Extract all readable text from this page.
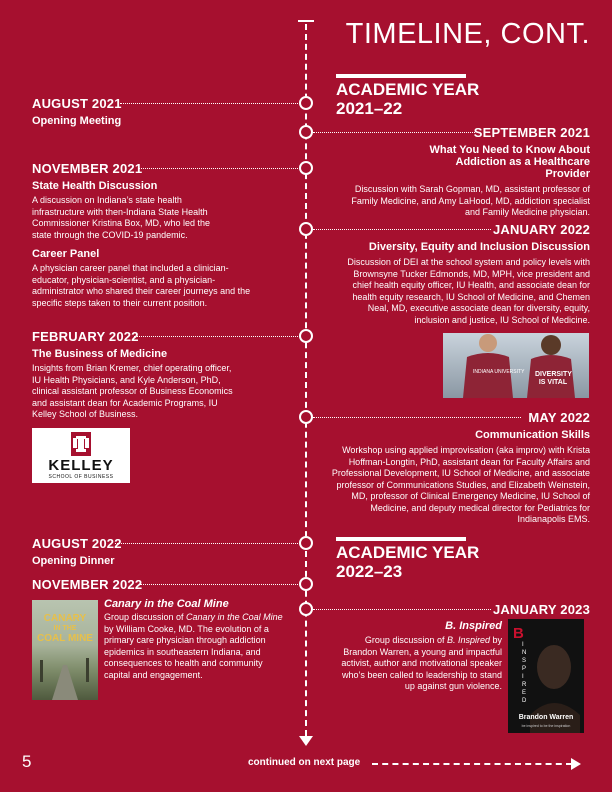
TIMELINE, CONT.
ACADEMIC YEAR
2021–22
ACADEMIC YEAR
2022–23
AUGUST 2021
Opening Meeting
NOVEMBER 2021
State Health Discussion
A discussion on Indiana’s state health infrastructure with then-Indiana State Health Commissioner Kristina Box, MD, who led the state through the COVID-19 pandemic.
Career Panel
A physician career panel that included a clinician-educator, physician-scientist, and a physician-administrator who shared their career journeys and the specific steps taken to their current position.
FEBRUARY 2022
The Business of Medicine
Insights from Brian Kremer, chief operating officer, IU Health Physicians, and Kyle Anderson, PhD, clinical assistant professor of Business Economics and assistant dean for Academic Programs, IU Kelley School of Business.
KELLEY
SCHOOL OF BUSINESS
AUGUST 2022
Opening Dinner
NOVEMBER 2022
CANARY
IN THE
COAL MINE
Canary in the Coal Mine
Group discussion of Canary in the Coal Mine by William Cooke, MD. The evolution of a primary care physician through addiction epidemics in southeastern Indiana, and consequences to health and community capital and engagement.
SEPTEMBER 2021
What You Need to Know About Addiction as a Healthcare Provider
Discussion with Sarah Gopman, MD, assistant professor of Family Medicine, and Amy LaHood, MD, addiction specialist and Family Medicine physician.
JANUARY 2022
Diversity, Equity and Inclusion Discussion
Discussion of DEI at the school system and policy levels with Brownsyne Tucker Edmonds, MD, MPH, vice president and chief health equity officer, IU Health, and associate dean for health equity research, IU School of Medicine, and Chemen Neal, MD, executive associate dean for diversity, equity, inclusion and justice, IU School of Medicine.
INDIANA UNIVERSITY DIVERSITY IS VITAL
MAY 2022
Communication Skills
Workshop using applied improvisation (aka improv) with Krista Hoffman-Longtin, PhD, assistant dean for Faculty Affairs and Professional Development, IU School of Medicine, and associate professor of Communications Studies, and Elizabeth Weinstein, MD, professor of Clinical Emergency Medicine, IU School of Medicine, and deputy medical director for Pediatrics for Indianapolis EMS.
JANUARY 2023
B. Inspired
Group discussion of B. Inspired by Brandon Warren, a young and impactful activist, author and motivational speaker who’s been called to leadership to stand up against gun violence.
B
INSPIRED
Brandon Warren
be inspired to be the inspiration
5	continued on next page
